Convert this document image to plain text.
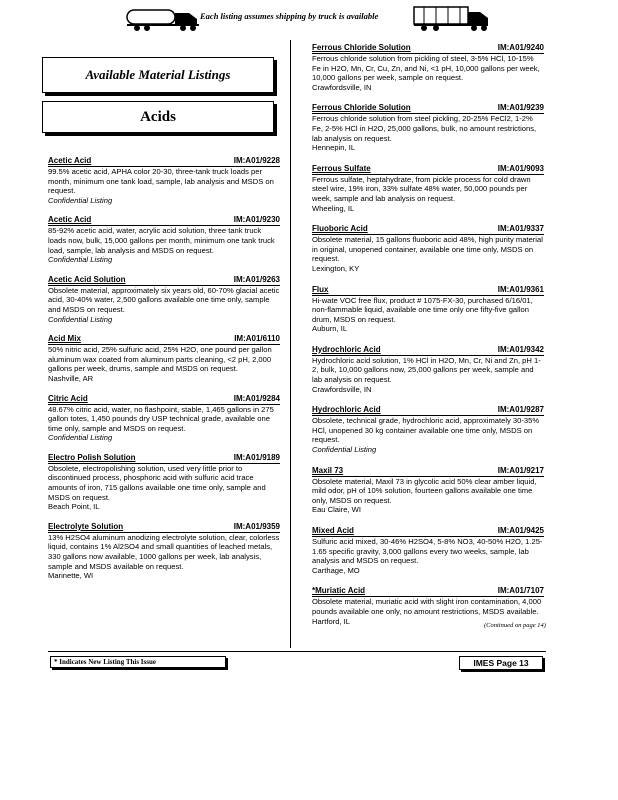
Each listing assumes shipping by truck is available
Available Material Listings
Acids
Acetic Acid	IM:A01/9228
99.5% acetic acid, APHA color 20-30, three-tank truck loads per month, minimum one tank load, sample, lab analysis and MSDS on request.
Confidential Listing
Acetic Acid	IM:A01/9230
85-92% acetic acid, water, acrylic acid solution, three tank truck loads now, bulk, 15,000 gallons per month, minimum one tank truck load, sample, lab analysis and MSDS on request.
Confidential Listing
Acetic Acid Solution	IM:A01/9263
Obsolete material, approximately six years old, 60-70% glacial acetic acid, 30-40% water, 2,500 gallons available one time only, sample and MSDS on request.
Confidential Listing
Acid Mix	IM:A01/6110
50% nitric acid, 25% sulfuric acid, 25% H2O, one pound per gallon aluminum wax coated from aluminum parts cleaning, <2 pH, 2,000 gallons per week, drums, sample and MSDS on request.
Nashville, AR
Citric Acid	IM:A01/9284
48.67% citric acid, water, no flashpoint, stable, 1,465 gallons in 275 gallon totes, 1,450 pounds dry USP technical grade, available one time only, sample and MSDS on request.
Confidential Listing
Electro Polish Solution	IM:A01/9189
Obsolete, electropolishing solution, used very little prior to discontinued process, phosphoric acid with sulfuric acid trace amounts of iron, 715 gallons available one time only, sample and MSDS on request.
Beach Point, IL
Electrolyte Solution	IM:A01/9359
13% H2SO4 aluminum anodizing electrolyte solution, clear, colorless liquid, contains 1% Al2SO4 and small quantities of leached metals, 330 gallons now available, 1000 gallons per week, lab analysis, sample and MSDS available on request.
Marinette, WI
Ferrous Chloride Solution	IM:A01/9240
Ferrous chloride solution from pickling of steel, 3-5% HCl, 10-15% Fe in H2O, Mn, Cr, Cu, Zn, and Ni, <1 pH, 10,000 gallons per week, 10,000 gallons per week, sample on request.
Crawfordsville, IN
Ferrous Chloride Solution	IM:A01/9239
Ferrous chloride solution from steel pickling, 20-25% FeCl2, 1-2% Fe, 2-5% HCl in H2O, 25,000 gallons, bulk, no amount restrictions, lab analysis on request.
Hennepin, IL
Ferrous Sulfate	IM:A01/9093
Ferrous sulfate, heptahydrate, from pickle process for cold drawn steel wire, 19% iron, 33% sulfate 48% water, 50,000 pounds per week, sample and lab analysis on request.
Wheeling, IL
Fluoboric Acid	IM:A01/9337
Obsolete material, 15 gallons fluoboric acid 48%, high purity material in original, unopened container, available one time only, MSDS on request.
Lexington, KY
Flux	IM:A01/9361
Hi-wate VOC free flux, product # 1075-FX-30, purchased 6/16/01, non-flammable liquid, available one time only one fifty-five gallon drum, MSDS on request.
Auburn, IL
Hydrochloric Acid	IM:A01/9342
Hydrochloric acid solution, 1% HCl in H2O, Mn, Cr, Ni and Zn, pH 1-2, bulk, 10,000 gallons now, 25,000 gallons per week, sample and lab analysis on request.
Crawfordsville, IN
Hydrochloric Acid	IM:A01/9287
Obsolete, technical grade, hydrochloric acid, approximately 30-35% HCl, unopened 30 kg container available one time only, MSDS on request.
Confidential Listing
Maxil 73	IM:A01/9217
Obsolete material, Maxil 73 in glycolic acid 50% clear amber liquid, mild odor, pH of 10% solution, fourteen gallons available one time only, MSDS on request.
Eau Claire, WI
Mixed Acid	IM:A01/9425
Sulfuric acid mixed, 30-46% H2SO4, 5-8% NO3, 40-50% H2O, 1.25-1.65 specific gravity, 3,000 gallons every two weeks, sample, lab analysis and MSDS on request.
Carthage, MO
*Muriatic Acid	IM:A01/7107
Obsolete material, muriatic acid with slight iron contamination, 4,000 pounds available one only, no amount restrictions, MSDS available.
Hartford, IL	(Continued on page 14)
* Indicates New Listing This Issue	IMES Page 13
